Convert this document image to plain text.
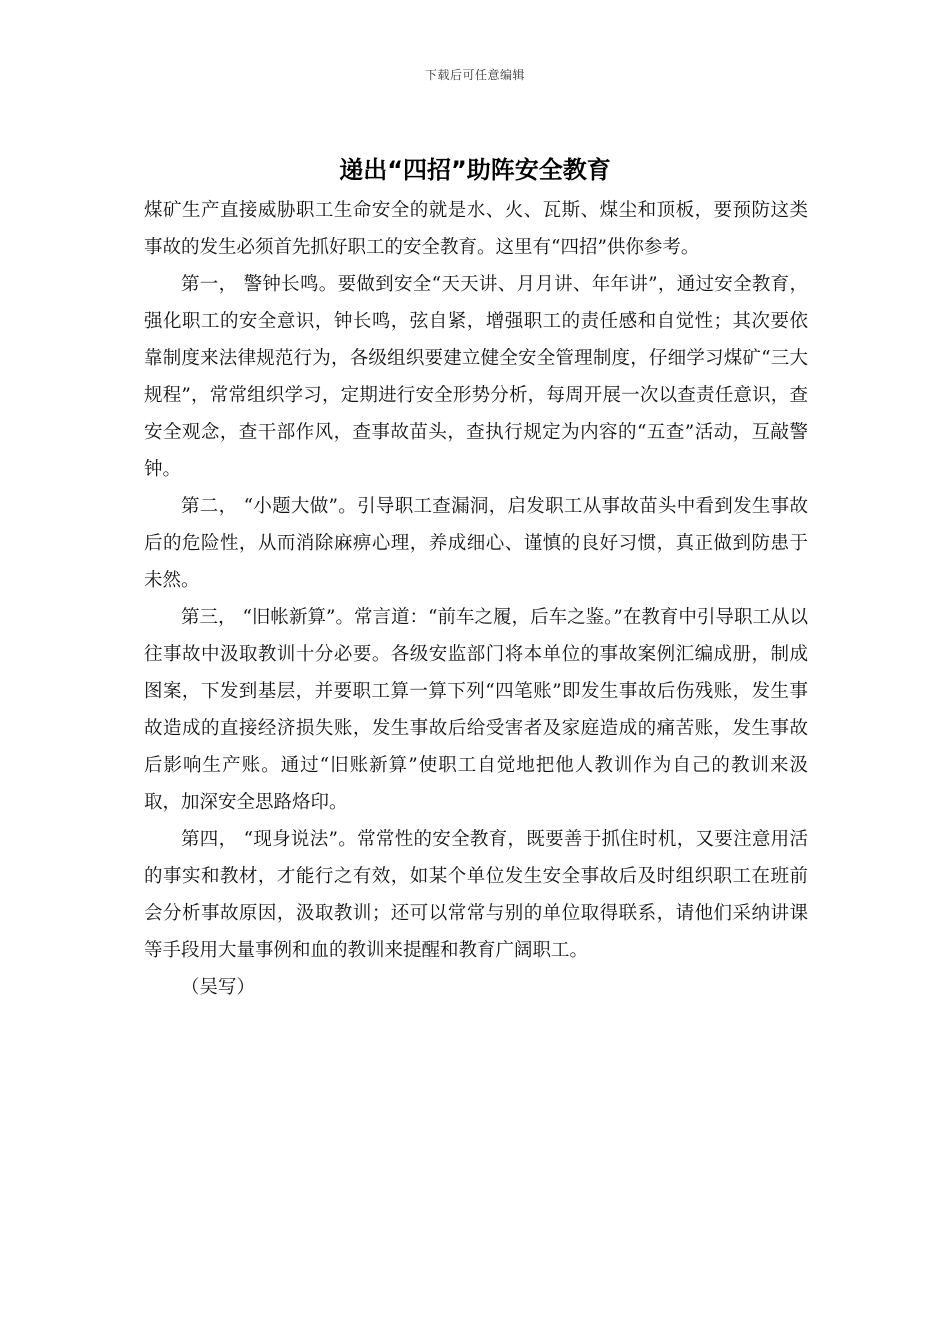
下载后可任意编辑
递出“四招”助阵安全教育

煤矿生产直接威胁职工生命安全的就是水、火、瓦斯、煤尘和顶板，要预防这类事故的发生必须首先抓好职工的安全教育。这里有“四招”供你参考。

第一， 警钟长鸣。要做到安全“天天讲、月月讲、年年讲”，通过安全教育，强化职工的安全意识，钟长鸣，弦自紧，增强职工的责任感和自觉性；其次要依靠制度来法律规范行为，各级组织要建立健全安全管理制度，仔细学习煤矿“三大规程”，常常组织学习，定期进行安全形势分析，每周开展一次以查责任意识，查安全观念，查干部作风，查事故苗头，查执行规定为内容的“五查”活动，互敲警钟。

第二， “小题大做”。引导职工查漏洞，启发职工从事故苗头中看到发生事故后的危险性，从而消除麻痹心理，养成细心、谨慎的良好习惯，真正做到防患于未然。

第三， “旧帐新算”。常言道：“前车之履，后车之鉴。”在教育中引导职工从以往事故中汲取教训十分必要。各级安监部门将本单位的事故案例汇编成册，制成图案，下发到基层，并要职工算一算下列“四笔账”即发生事故后伤残账，发生事故造成的直接经济损失账，发生事故后给受害者及家庭造成的痛苦账，发生事故后影响生产账。通过“旧账新算”使职工自觉地把他人教训作为自己的教训来汲取，加深安全思路烙印。

第四， “现身说法”。常常性的安全教育，既要善于抓住时机，又要注意用活的事实和教材，才能行之有效，如某个单位发生安全事故后及时组织职工在班前会分析事故原因，汲取教训；还可以常常与别的单位取得联系，请他们采纳讲课等手段用大量事例和血的教训来提醒和教育广阔职工。

（吴写）
